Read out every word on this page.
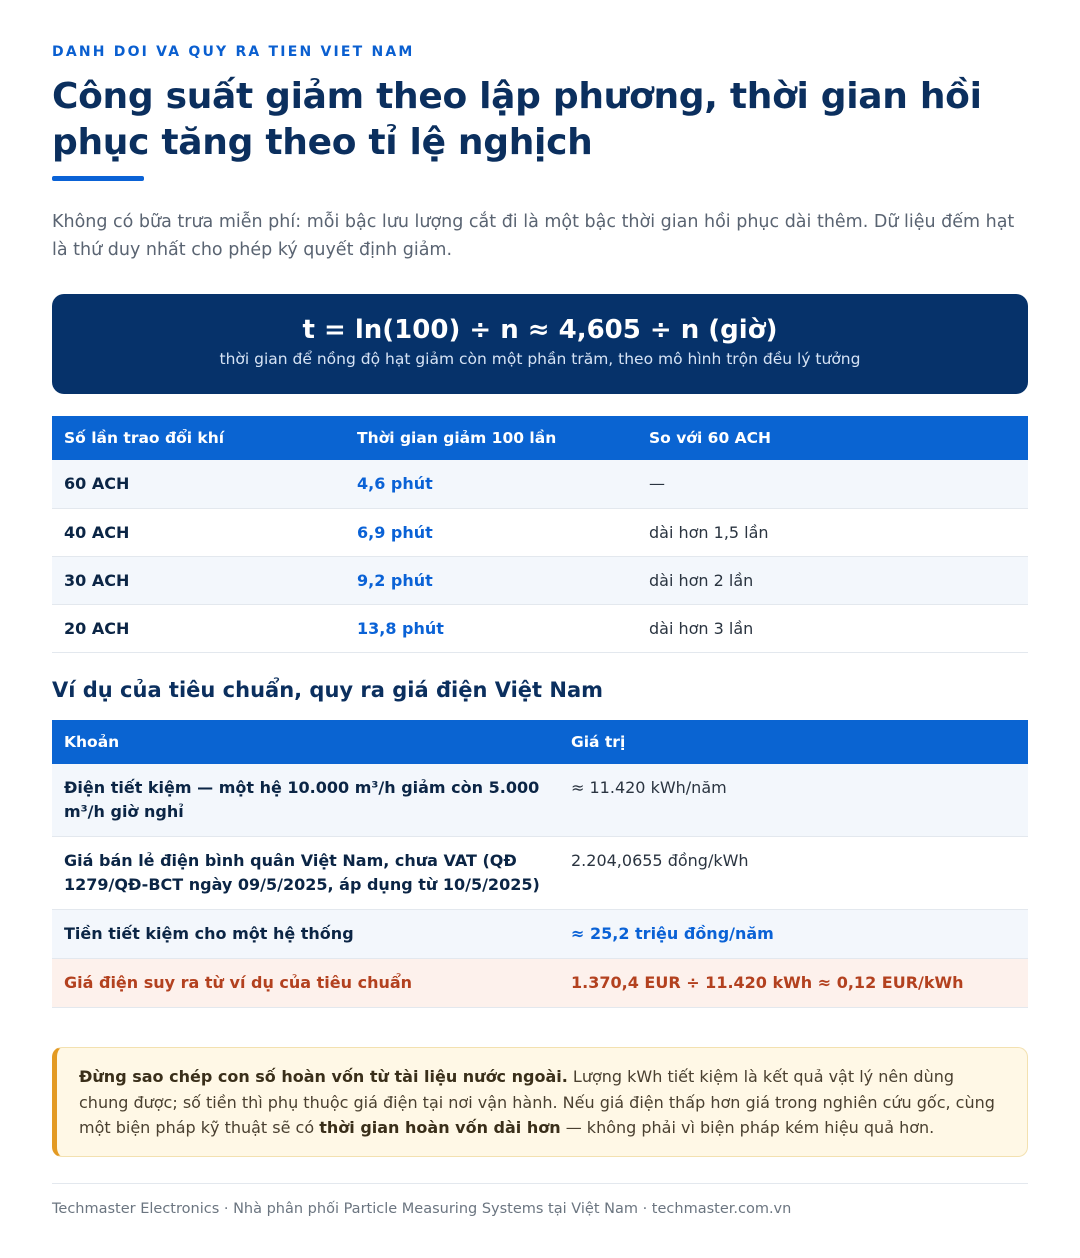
DANH DOI VA QUY RA TIEN VIET NAM
Công suất giảm theo lập phương, thời gian hồi phục tăng theo tỉ lệ nghịch

Không có bữa trưa miễn phí: mỗi bậc lưu lượng cắt đi là một bậc thời gian hồi phục dài thêm. Dữ liệu đếm hạt là thứ duy nhất cho phép ký quyết định giảm.

t = ln(100) ÷ n ≈ 4,605 ÷ n (giờ)
thời gian để nồng độ hạt giảm còn một phần trăm, theo mô hình trộn đều lý tưởng
Số lần trao đổi khí	Thời gian giảm 100 lần	So với 60 ACH
60 ACH	4,6 phút	—
40 ACH	6,9 phút	dài hơn 1,5 lần
30 ACH	9,2 phút	dài hơn 2 lần
20 ACH	13,8 phút	dài hơn 3 lần
Ví dụ của tiêu chuẩn, quy ra giá điện Việt Nam
Khoản	Giá trị
Điện tiết kiệm — một hệ 10.000 m³/h giảm còn 5.000 m³/h giờ nghỉ	≈ 11.420 kWh/năm
Giá bán lẻ điện bình quân Việt Nam, chưa VAT (QĐ 1279/QĐ-BCT ngày 09/5/2025, áp dụng từ 10/5/2025)	2.204,0655 đồng/kWh
Tiền tiết kiệm cho một hệ thống	≈ 25,2 triệu đồng/năm
Giá điện suy ra từ ví dụ của tiêu chuẩn	1.370,4 EUR ÷ 11.420 kWh ≈ 0,12 EUR/kWh
Đừng sao chép con số hoàn vốn từ tài liệu nước ngoài. Lượng kWh tiết kiệm là kết quả vật lý nên dùng chung được; số tiền thì phụ thuộc giá điện tại nơi vận hành. Nếu giá điện thấp hơn giá trong nghiên cứu gốc, cùng một biện pháp kỹ thuật sẽ có thời gian hoàn vốn dài hơn — không phải vì biện pháp kém hiệu quả hơn.
Techmaster Electronics · Nhà phân phối Particle Measuring Systems tại Việt Nam · techmaster.com.vn
